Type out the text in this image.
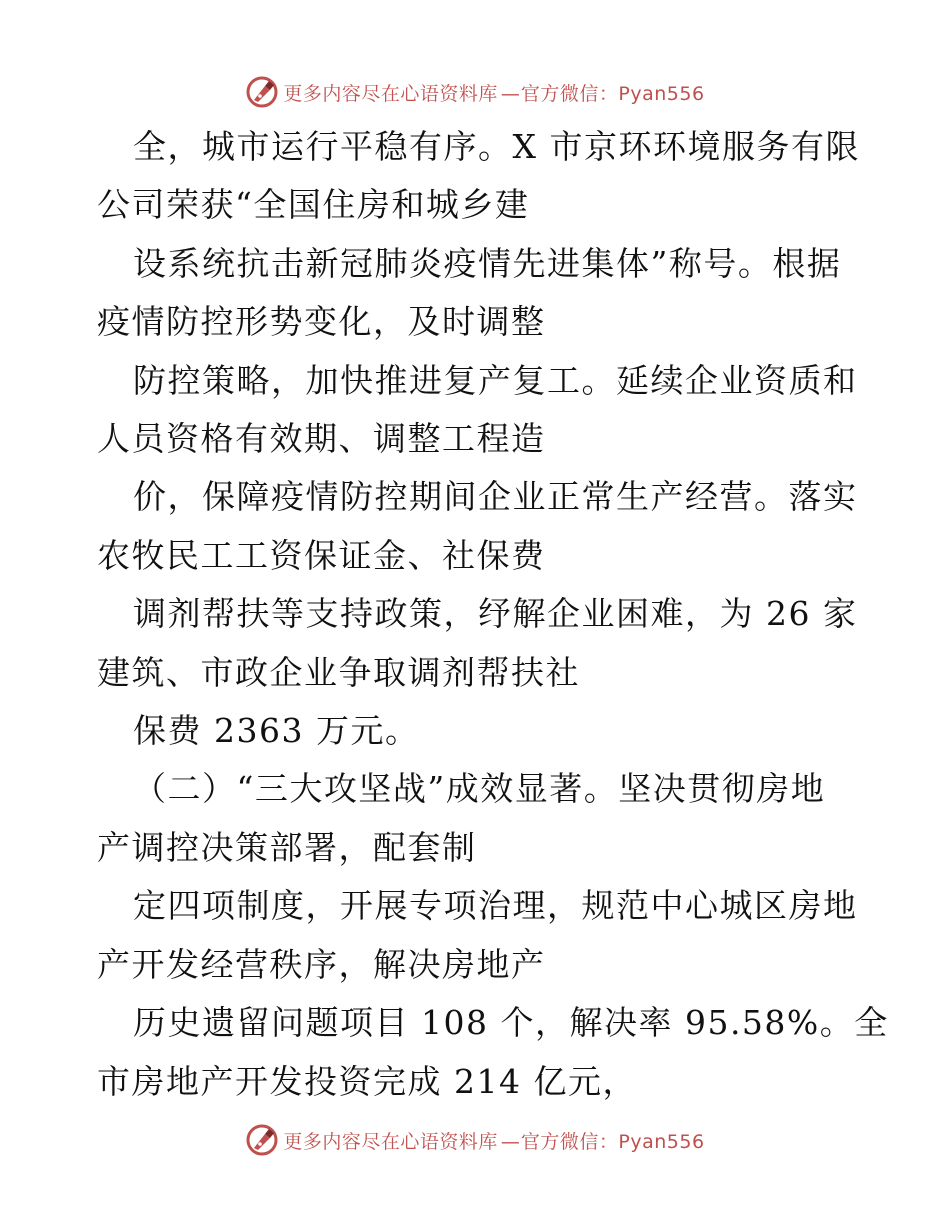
更多内容尽在心语资料库 — 官方微信：Pyan556
全，城市运行平稳有序。X 市京环环境服务有限
公司荣获“全国住房和城乡建
设系统抗击新冠肺炎疫情先进集体”称号。根据
疫情防控形势变化，及时调整
防控策略，加快推进复产复工。延续企业资质和
人员资格有效期、调整工程造
价，保障疫情防控期间企业正常生产经营。落实
农牧民工工资保证金、社保费
调剂帮扶等支持政策，纾解企业困难，为 26 家
建筑、市政企业争取调剂帮扶社
保费 2363 万元。
（二）“三大攻坚战”成效显著。坚决贯彻房地
产调控决策部署，配套制
定四项制度，开展专项治理，规范中心城区房地
产开发经营秩序，解决房地产
历史遗留问题项目 108 个，解决率 95.58%。全
市房地产开发投资完成 214 亿元，
更多内容尽在心语资料库 — 官方微信：Pyan556
